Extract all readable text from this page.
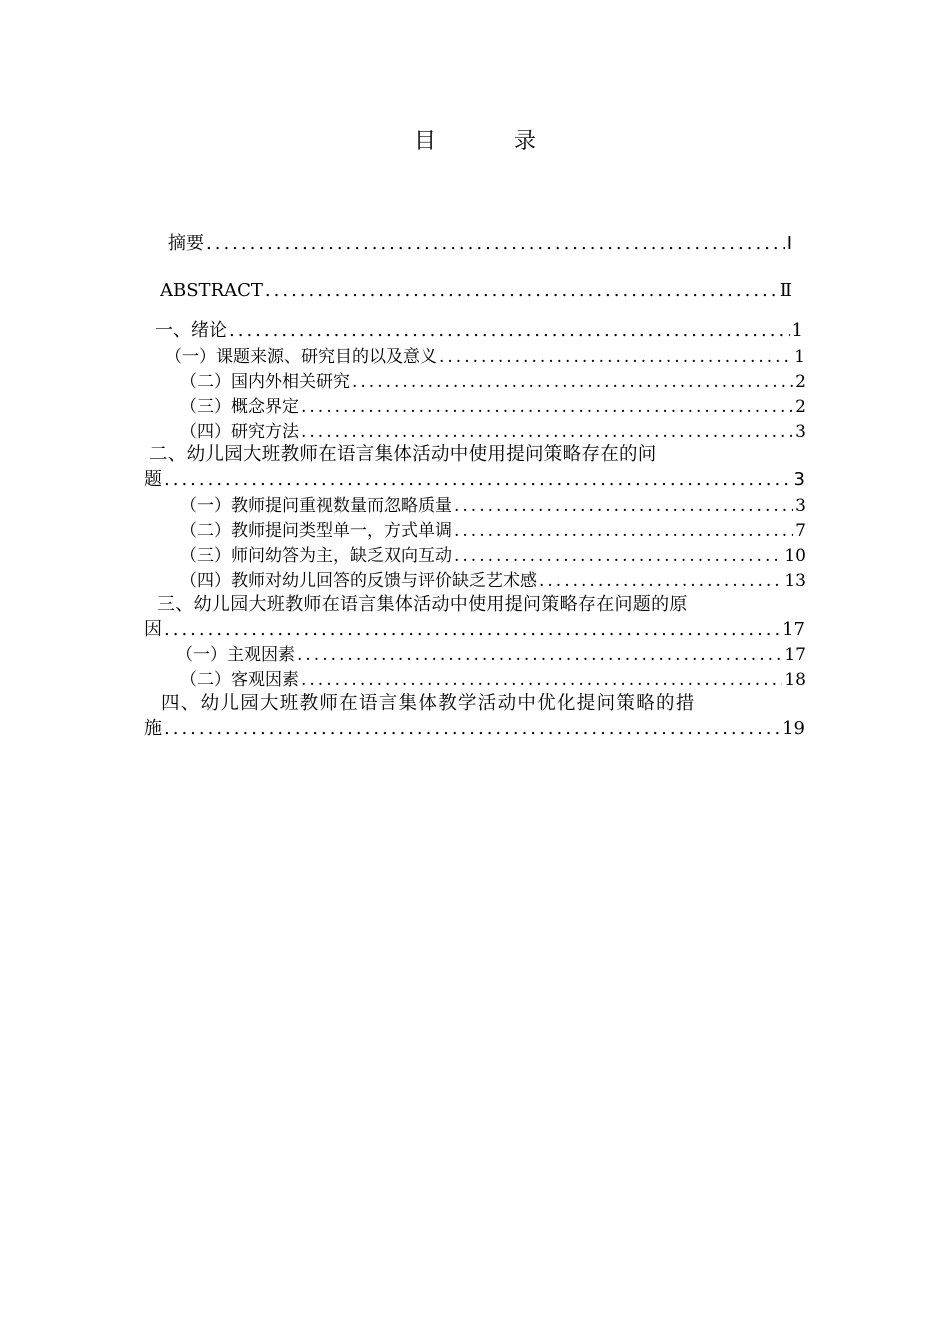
目　录
摘要 .....	Ⅰ
ABSTRACT .....	Ⅱ
一、绪论 .....	1
（一）课题来源、研究目的以及意义 .....	1
（二）国内外相关研究 .....	2
（三）概念界定 .....	2
（四）研究方法 .....	3
二、幼儿园大班教师在语言集体活动中使用提问策略存在的问
题 .....	3
（一）教师提问重视数量而忽略质量 .....	3
（二）教师提问类型单一，方式单调 .....	7
（三）师问幼答为主，缺乏双向互动 .....	10
（四）教师对幼儿回答的反馈与评价缺乏艺术感 .....	13
三、幼儿园大班教师在语言集体活动中使用提问策略存在问题的原
因 .....	17
（一）主观因素 .....	17
（二）客观因素 .....	18
四、幼儿园大班教师在语言集体教学活动中优化提问策略的措
施 .....	19
